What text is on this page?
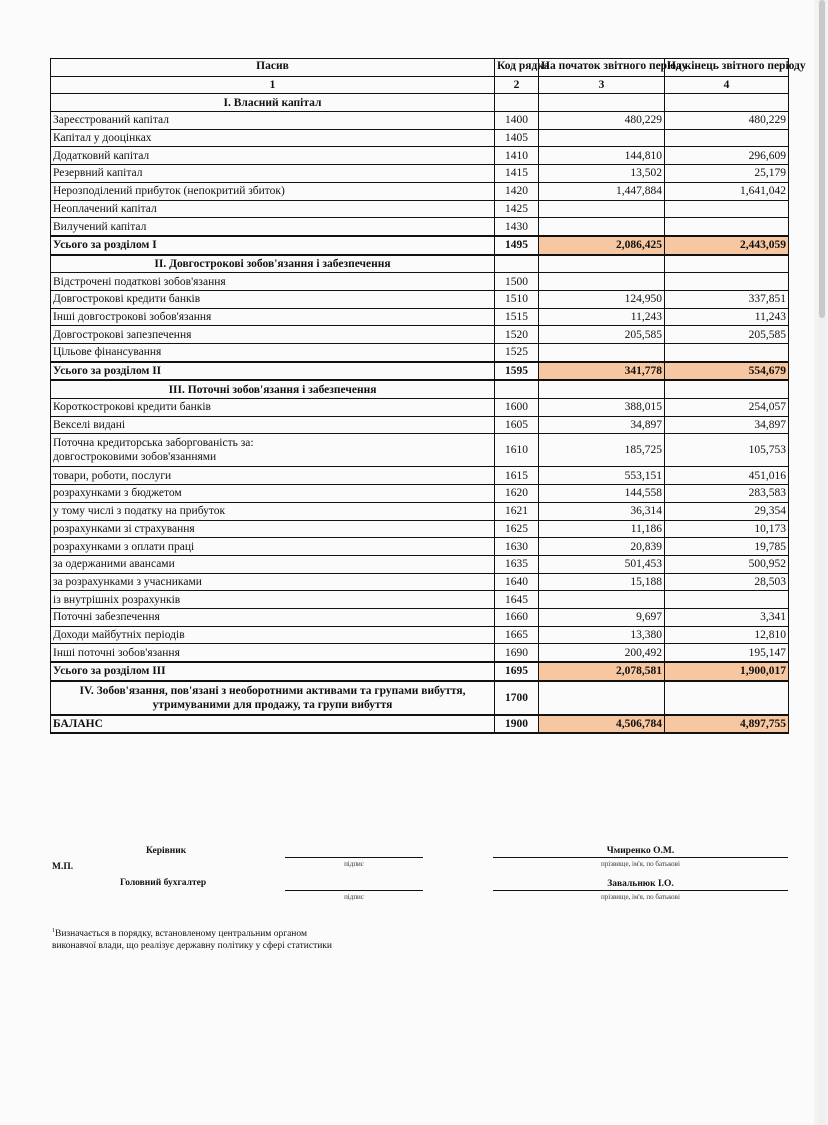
Пасив	Код рядка	На початок звітного періоду	На кінець звітного періоду
1	2	3	4
І. Власний капітал			
Зареєстрований капітал	1400	480,229	480,229
Капітал у дооцінках	1405		
Додатковий капітал	1410	144,810	296,609
Резервний капітал	1415	13,502	25,179
Нерозподілений прибуток (непокритий збиток)	1420	1,447,884	1,641,042
Неоплачений капітал	1425		
Вилучений капітал	1430		
Усього за розділом I	1495	2,086,425	2,443,059
II. Довгострокові зобов'язання і забезпечення			
Відстрочені податкові зобов'язання	1500		
Довгострокові кредити банків	1510	124,950	337,851
Інші довгострокові зобов'язання	1515	11,243	11,243
Довгострокові запезпечення	1520	205,585	205,585
Цільове фінансування	1525		
Усього за розділом II	1595	341,778	554,679
III. Поточні зобов'язання і забезпечення			
Короткострокові кредити банків	1600	388,015	254,057
Векселі видані	1605	34,897	34,897
Поточна кредиторська заборгованість за:
довгостроковими зобов'язаннями	1610	185,725	105,753
товари, роботи, послуги	1615	553,151	451,016
розрахунками з бюджетом	1620	144,558	283,583
у тому числі з податку на прибуток	1621	36,314	29,354
розрахунками зі страхування	1625	11,186	10,173
розрахунками з оплати праці	1630	20,839	19,785
за одержаними авансами	1635	501,453	500,952
за розрахунками з учасниками	1640	15,188	28,503
із внутрішніх розрахунків	1645		
Поточні забезпечення	1660	9,697	3,341
Доходи майбутніх періодів	1665	13,380	12,810
Інші поточні зобов'язання	1690	200,492	195,147
Усього за розділом III	1695	2,078,581	1,900,017
IV. Зобов'язання, пов'язані з необоротними активами та групами вибуття, утримуваними для продажу, та групи вибуття	1700		
БАЛАНС	1900	4,506,784	4,897,755
Керівник
М.П.	підпис
Чмиренко О.М.
прізвище, ім'я, по батькові
Головний бухгалтер
підпис
Завальнюк І.О.
прізвище, ім'я, по батькові
$^1$Визначається в порядку, встановленому центральним органом
виконавчої влади, що реалізує державну політику у сфері статистики
